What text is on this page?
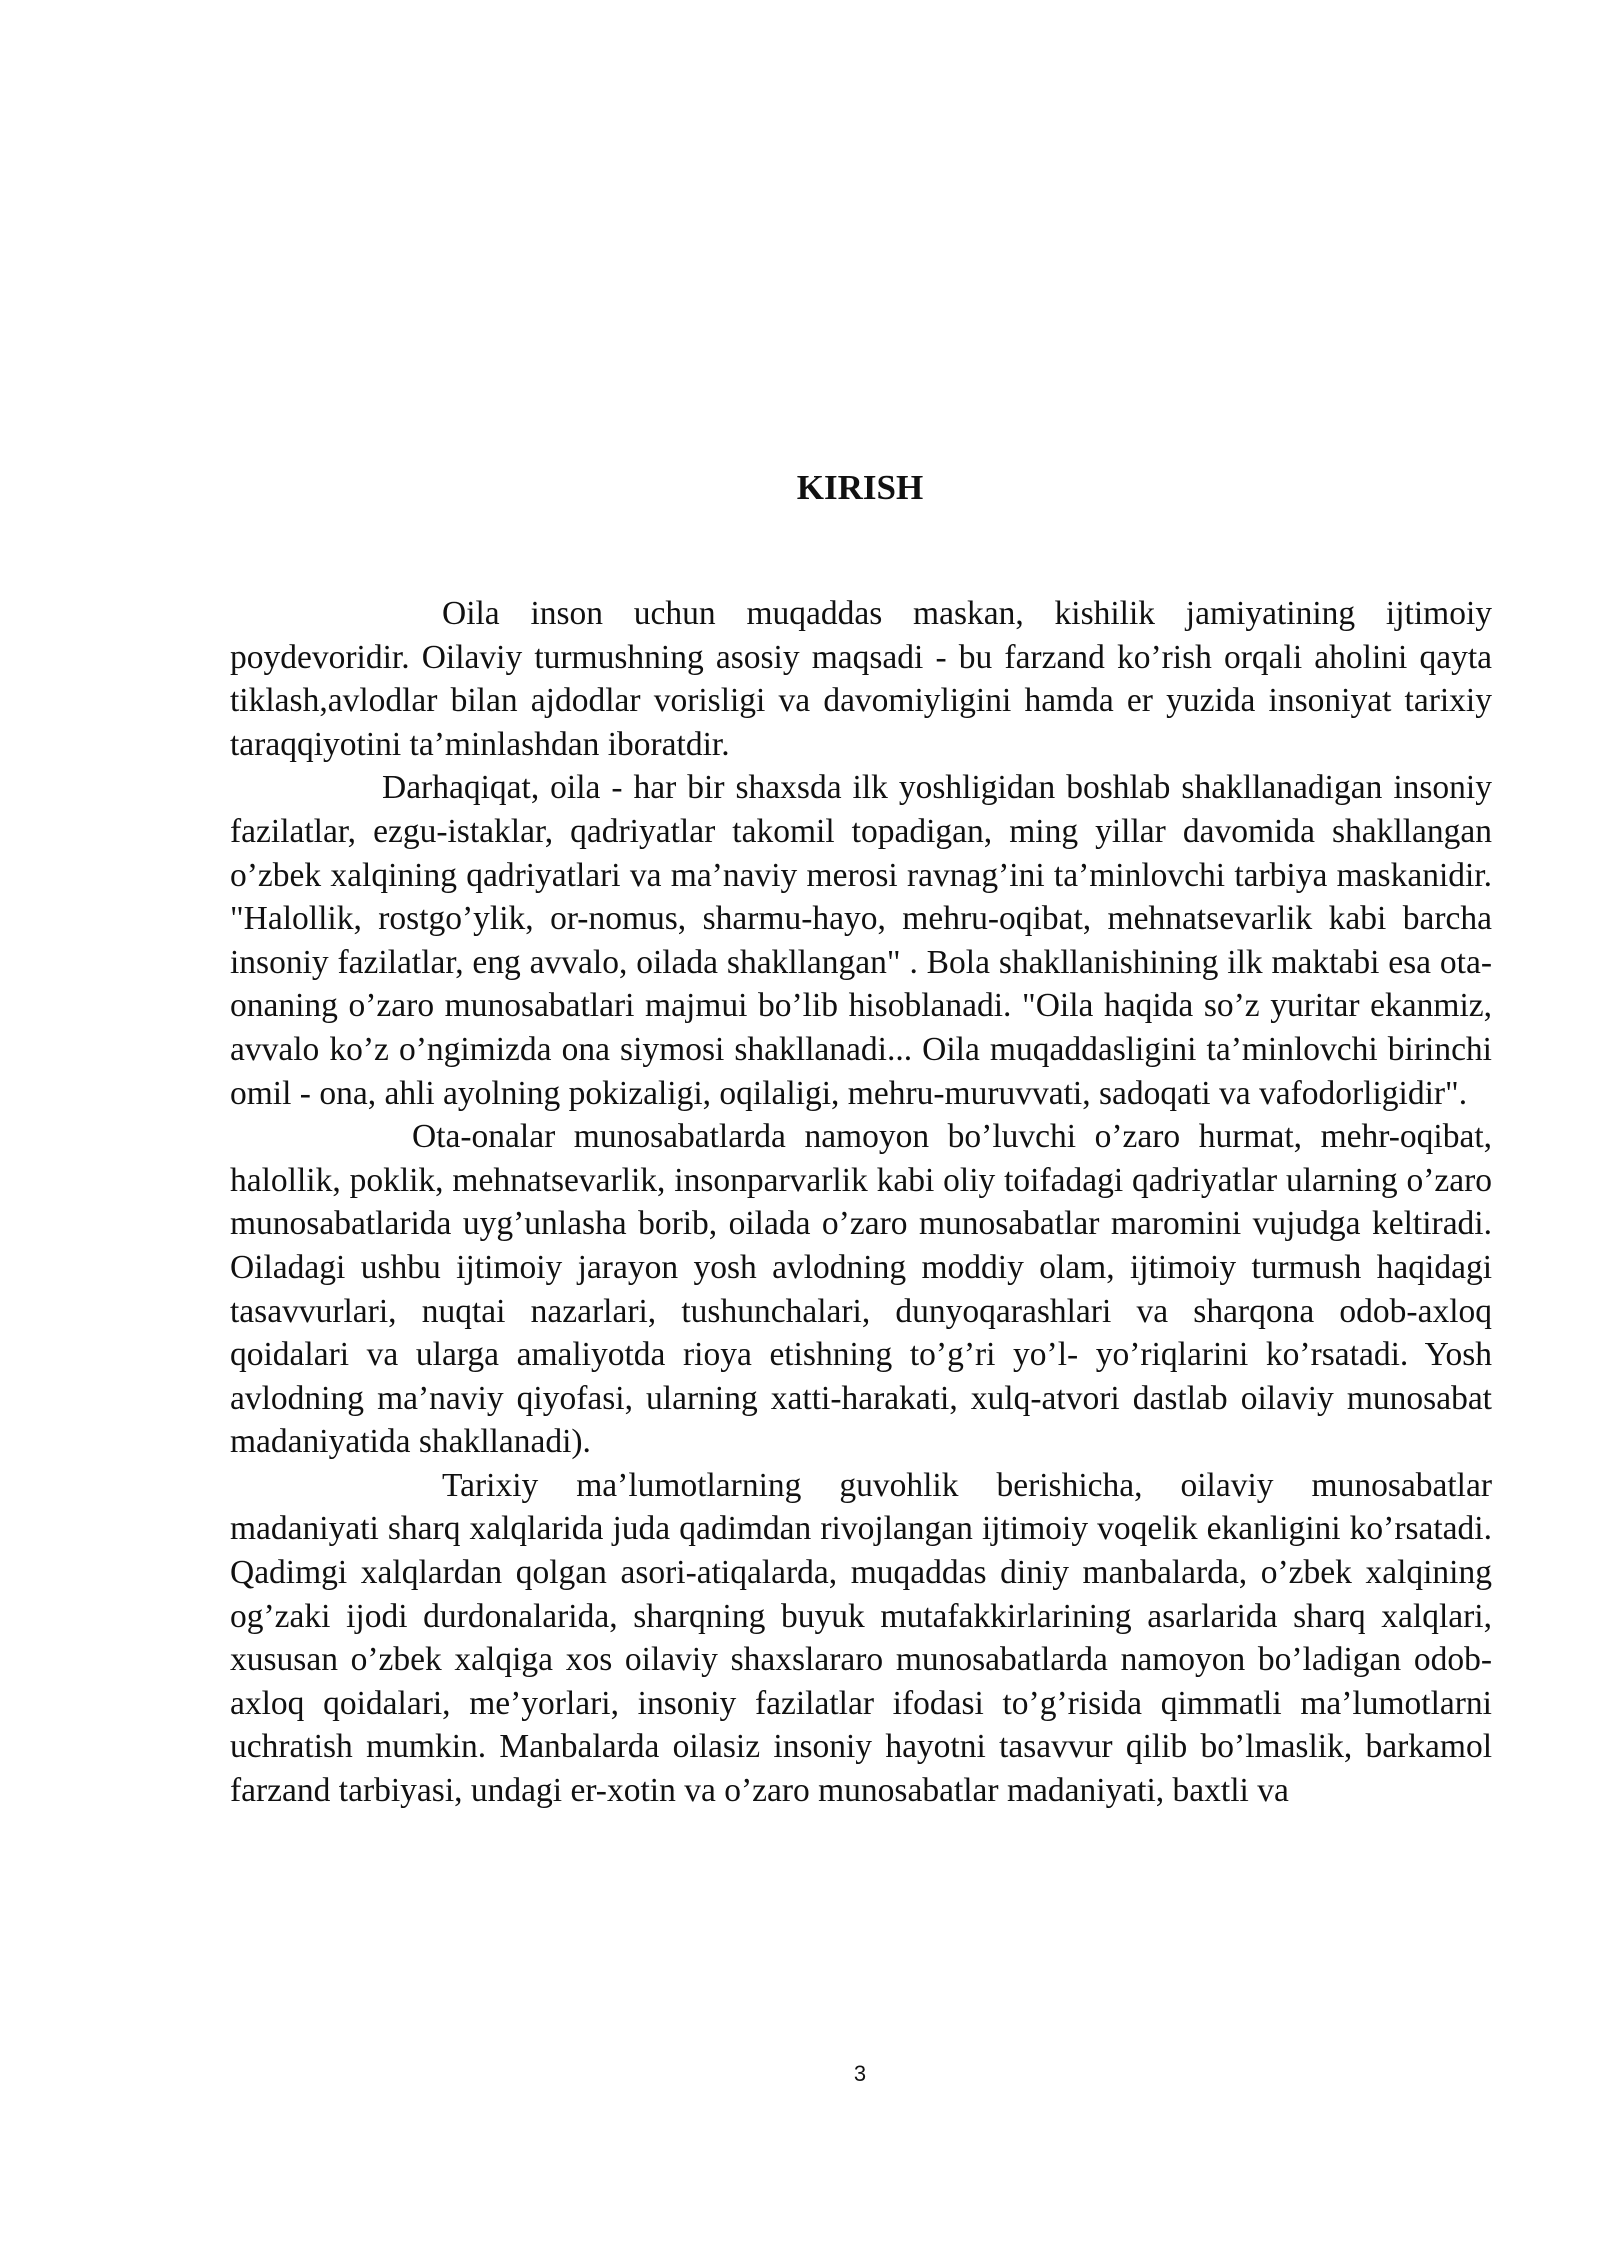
KIRISH

Oila inson uchun muqaddas maskan, kishilik jamiyatining ijtimoiy poydevoridir. Oilaviy turmushning asosiy maqsadi - bu farzand ko’rish orqali aholini qayta tiklash,avlodlar bilan ajdodlar vorisligi va davomiyligini hamda er yuzida insoniyat tarixiy taraqqiyotini ta’minlashdan iboratdir.

Darhaqiqat, oila - har bir shaxsda ilk yoshligidan boshlab shakllanadigan insoniy fazilatlar, ezgu-istaklar, qadriyatlar takomil topadigan, ming yillar davomida shakllangan o’zbek xalqining qadriyatlari va ma’naviy merosi ravnag’ini ta’minlovchi tarbiya maskanidir. "Halollik, rostgo’ylik, or-nomus, sharmu-hayo, mehru-oqibat, mehnatsevarlik kabi barcha insoniy fazilatlar, eng avvalo, oilada shakllangan" . Bola shakllanishining ilk maktabi esa ota-onaning o’zaro munosabatlari majmui bo’lib hisoblanadi. "Oila haqida so’z yuritar ekanmiz, avvalo ko’z o’ngimizda ona siymosi shakllanadi... Oila muqaddasligini ta’minlovchi birinchi omil - ona, ahli ayolning pokizaligi, oqilaligi, mehru-muruvvati, sadoqati va vafodorligidir".

Ota-onalar munosabatlarda namoyon bo’luvchi o’zaro hurmat, mehr-oqibat, halollik, poklik, mehnatsevarlik, insonparvarlik kabi oliy toifadagi qadriyatlar ularning o’zaro munosabatlarida uyg’unlasha borib, oilada o’zaro munosabatlar maromini vujudga keltiradi. Oiladagi ushbu ijtimoiy jarayon yosh avlodning moddiy olam, ijtimoiy turmush haqidagi tasavvurlari, nuqtai nazarlari, tushunchalari, dunyoqarashlari va sharqona odob-axloq qoidalari va ularga amaliyotda rioya etishning to’g’ri yo’l- yo’riqlarini ko’rsatadi. Yosh avlodning ma’naviy qiyofasi, ularning xatti-harakati, xulq-atvori dastlab oilaviy munosabat madaniyatida shakllanadi).

Tarixiy ma’lumotlarning guvohlik berishicha, oilaviy munosabatlar madaniyati sharq xalqlarida juda qadimdan rivojlangan ijtimoiy voqelik ekanligini ko’rsatadi. Qadimgi xalqlardan qolgan asori-atiqalarda, muqaddas diniy manbalarda, o’zbek xalqining og’zaki ijodi durdonalarida, sharqning buyuk mutafakkirlarining asarlarida sharq xalqlari, xususan o’zbek xalqiga xos oilaviy shaxslararo munosabatlarda namoyon bo’ladigan odob-axloq qoidalari, me’yorlari, insoniy fazilatlar ifodasi to’g’risida qimmatli ma’lumotlarni uchratish mumkin. Manbalarda oilasiz insoniy hayotni tasavvur qilib bo’lmaslik, barkamol farzand tarbiyasi, undagi er-xotin va o’zaro munosabatlar madaniyati, baxtli va

3
